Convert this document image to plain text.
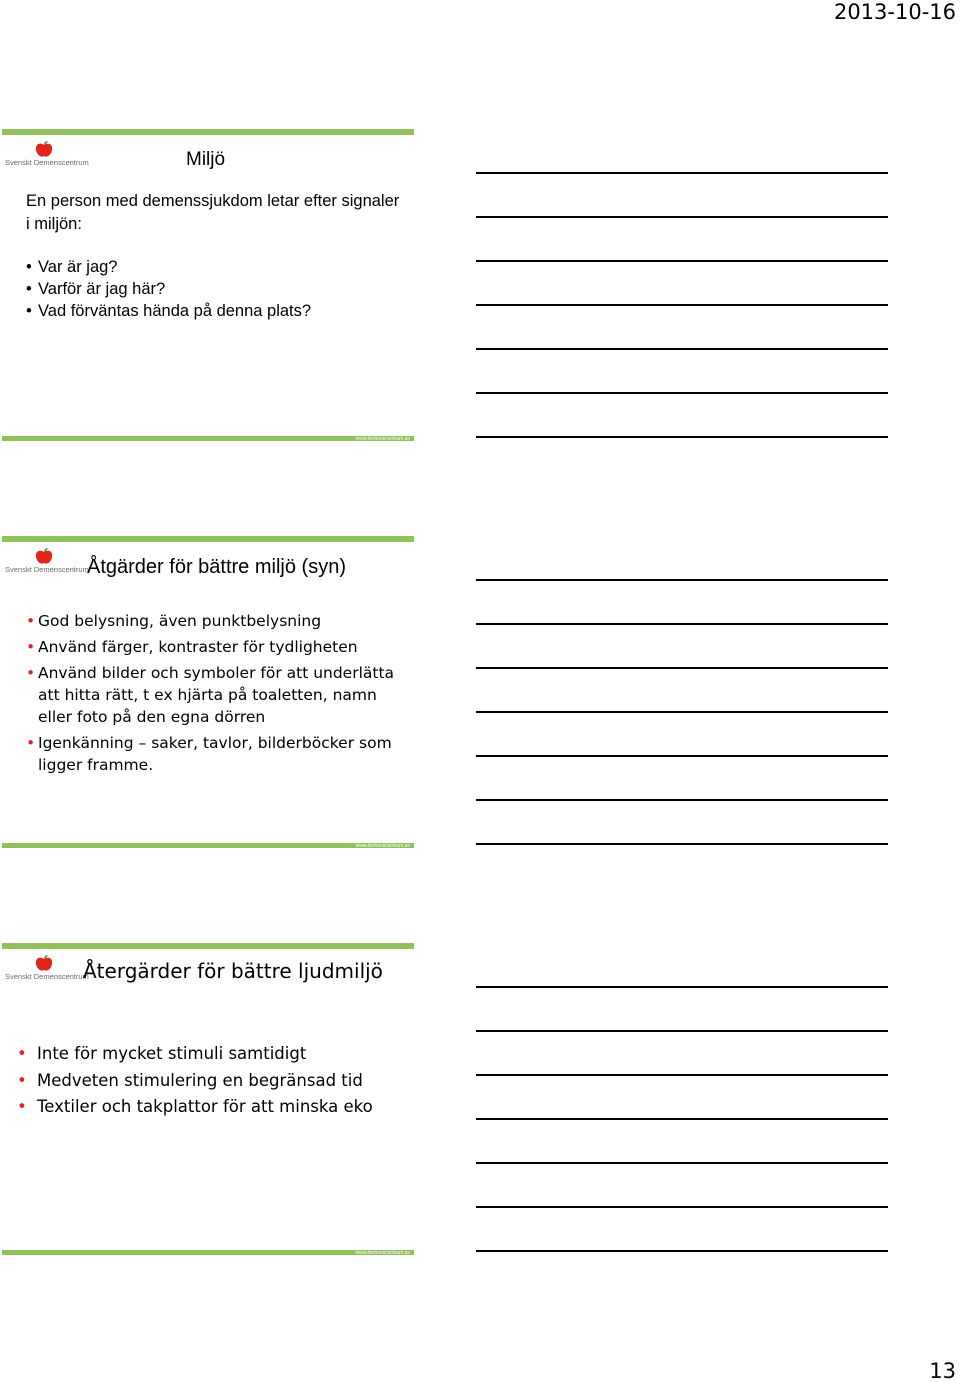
2013-10-16
Svenskt Demenscentrum	Miljö
En person med demenssjukdom letar efter signaler i miljön:
• Var är jag?
• Varför är jag här?
• Vad förväntas hända på denna plats?
www.demenscentrum.se
Svenskt Demenscentrum
Åtgärder för bättre miljö (syn)
• God belysning, även punktbelysning
• Använd färger, kontraster för tydligheten
• Använd bilder och symboler för att underlätta att hitta rätt, t ex hjärta på toaletten, namn eller foto på den egna dörren
• Igenkänning – saker, tavlor, bilderböcker som ligger framme.
www.demenscentrum.se
Svenskt Demenscentrum
Återgärder för bättre ljudmiljö
• Inte för mycket stimuli samtidigt
• Medveten stimulering en begränsad tid
• Textiler och takplattor för att minska eko
www.demenscentrum.se
13
